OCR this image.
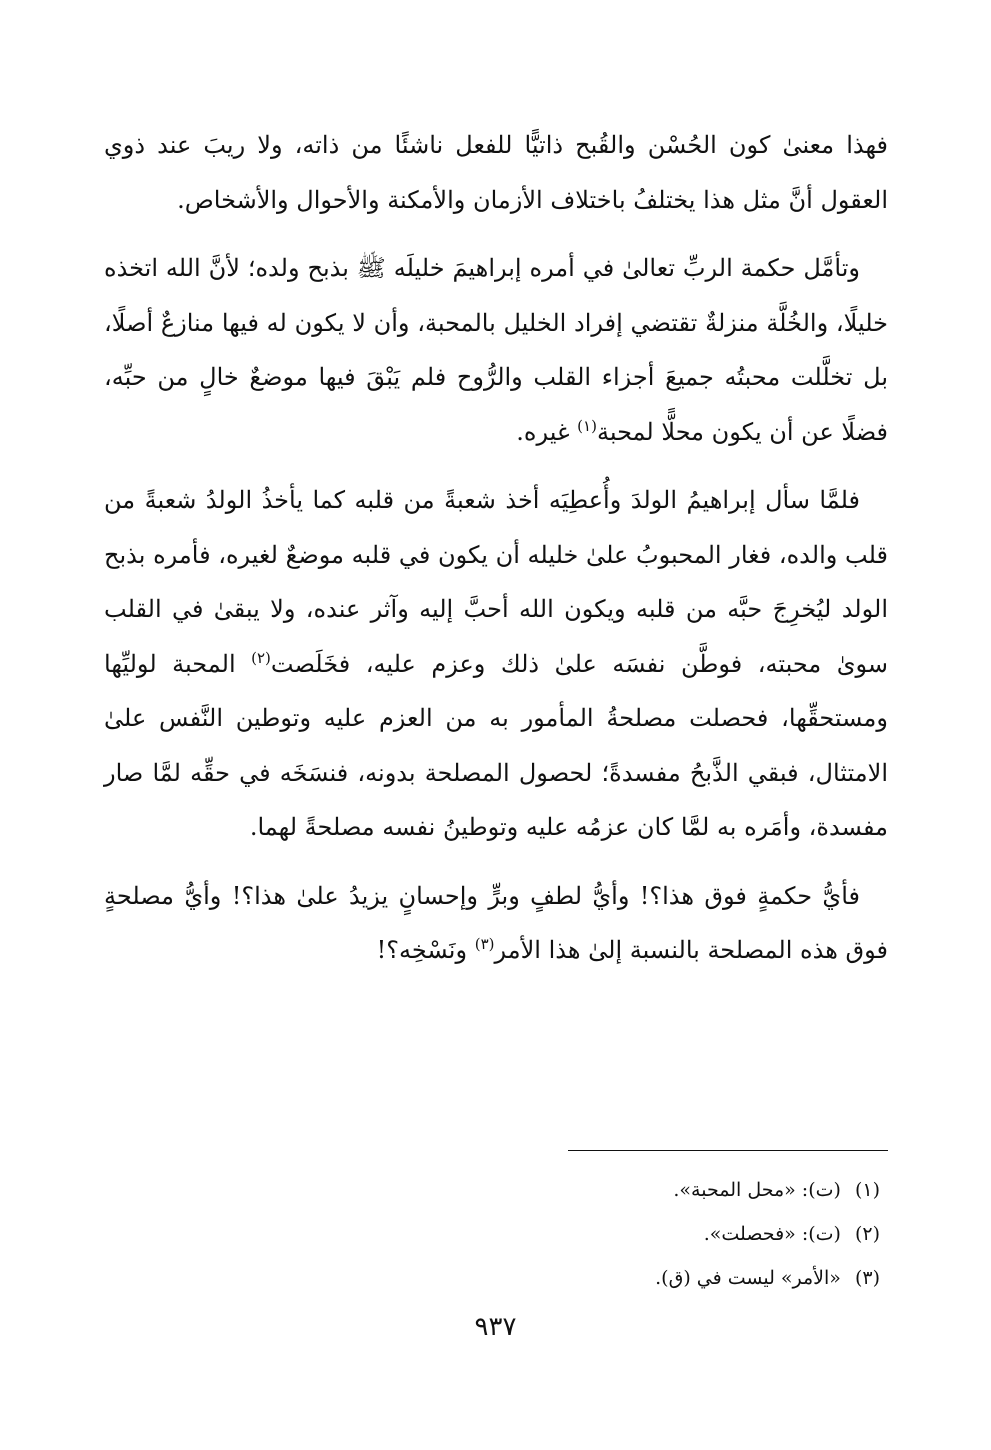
فهذا معنىٰ كون الحُسْن والقُبح ذاتيًّا للفعل ناشئًا من ذاته، ولا ريبَ عند ذوي العقول أنَّ مثل هذا يختلفُ باختلاف الأزمان والأمكنة والأحوال والأشخاص.

وتأمَّل حكمة الربِّ تعالىٰ في أمره إبراهيمَ خليلَه ﷺ بذبح ولده؛ لأنَّ الله اتخذه خليلًا، والخُلَّة منزلةٌ تقتضي إفراد الخليل بالمحبة، وأن لا يكون له فيها منازعٌ أصلًا، بل تخلَّلت محبتُه جميعَ أجزاء القلب والرُّوح فلم يَبْقَ فيها موضعٌ خالٍ من حبِّه، فضلًا عن أن يكون محلًّا لمحبة$^{(١)}$ غيره.

فلمَّا سأل إبراهيمُ الولدَ وأُعطِيَه أخذ شعبةً من قلبه كما يأخذُ الولدُ شعبةً من قلب والده، فغار المحبوبُ علىٰ خليله أن يكون في قلبه موضعٌ لغيره، فأمره بذبح الولد ليُخرِجَ حبَّه من قلبه ويكون الله أحبَّ إليه وآثر عنده، ولا يبقىٰ في القلب سوىٰ محبته، فوطَّن نفسَه علىٰ ذلك وعزم عليه، فخَلَصت$^{(٢)}$ المحبة لوليِّها ومستحقِّها، فحصلت مصلحةُ المأمور به من العزم عليه وتوطين النَّفس علىٰ الامتثال، فبقي الذَّبحُ مفسدةً؛ لحصول المصلحة بدونه، فنسَخَه في حقِّه لمَّا صار مفسدة، وأمَره به لمَّا كان عزمُه عليه وتوطينُ نفسه مصلحةً لهما.

فأيُّ حكمةٍ فوق هذا؟! وأيُّ لطفٍ وبرٍّ وإحسانٍ يزيدُ علىٰ هذا؟! وأيُّ مصلحةٍ فوق هذه المصلحة بالنسبة إلىٰ هذا الأمر$^{(٣)}$ ونَسْخِه؟!

(١)(ت): «محل المحبة».
(٢)(ت): «فحصلت».
(٣)«الأمر» ليست في (ق).
٩٣٧
